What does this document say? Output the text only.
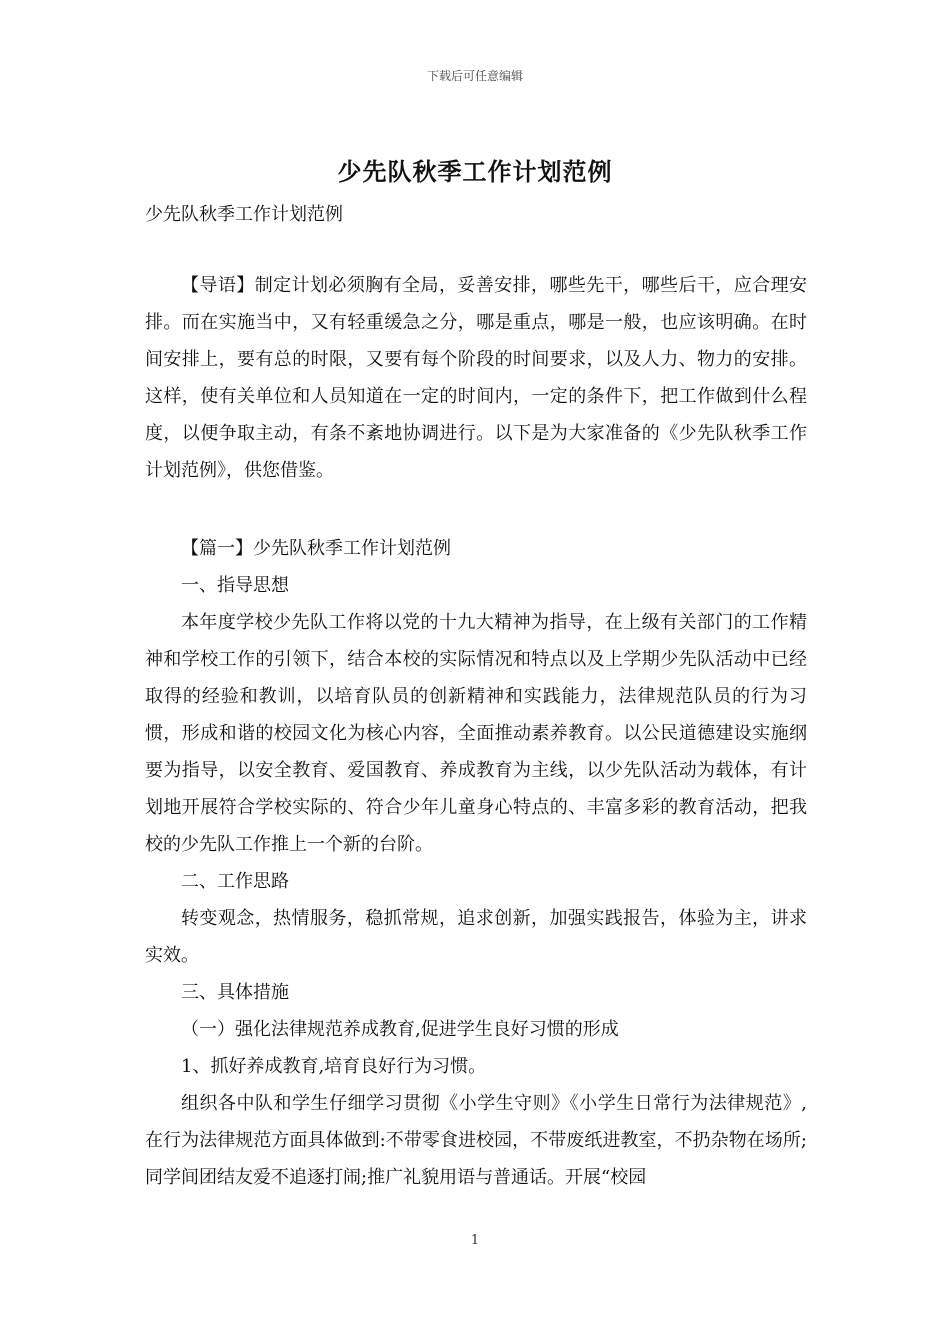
下载后可任意编辑
少先队秋季工作计划范例
少先队秋季工作计划范例

【导语】制定计划必须胸有全局，妥善安排，哪些先干，哪些后干，应合理安排。而在实施当中，又有轻重缓急之分，哪是重点，哪是一般，也应该明确。在时间安排上，要有总的时限，又要有每个阶段的时间要求，以及人力、物力的安排。这样，使有关单位和人员知道在一定的时间内，一定的条件下，把工作做到什么程度，以便争取主动，有条不紊地协调进行。以下是为大家准备的《少先队秋季工作计划范例》，供您借鉴。

【篇一】少先队秋季工作计划范例

一、指导思想

本年度学校少先队工作将以党的十九大精神为指导，在上级有关部门的工作精神和学校工作的引领下，结合本校的实际情况和特点以及上学期少先队活动中已经取得的经验和教训，以培育队员的创新精神和实践能力，法律规范队员的行为习惯，形成和谐的校园文化为核心内容，全面推动素养教育。以公民道德建设实施纲要为指导，以安全教育、爱国教育、养成教育为主线，以少先队活动为载体，有计划地开展符合学校实际的、符合少年儿童身心特点的、丰富多彩的教育活动，把我校的少先队工作推上一个新的台阶。

二、工作思路

转变观念，热情服务，稳抓常规，追求创新，加强实践报告，体验为主，讲求实效。

三、具体措施

（一）强化法律规范养成教育,促进学生良好习惯的形成

1、抓好养成教育,培育良好行为习惯。

组织各中队和学生仔细学习贯彻《小学生守则》《小学生日常行为法律规范》,在行为法律规范方面具体做到:不带零食进校园，不带废纸进教室，不扔杂物在场所;同学间团结友爱不追逐打闹;推广礼貌用语与普通话。开展“校园

1
